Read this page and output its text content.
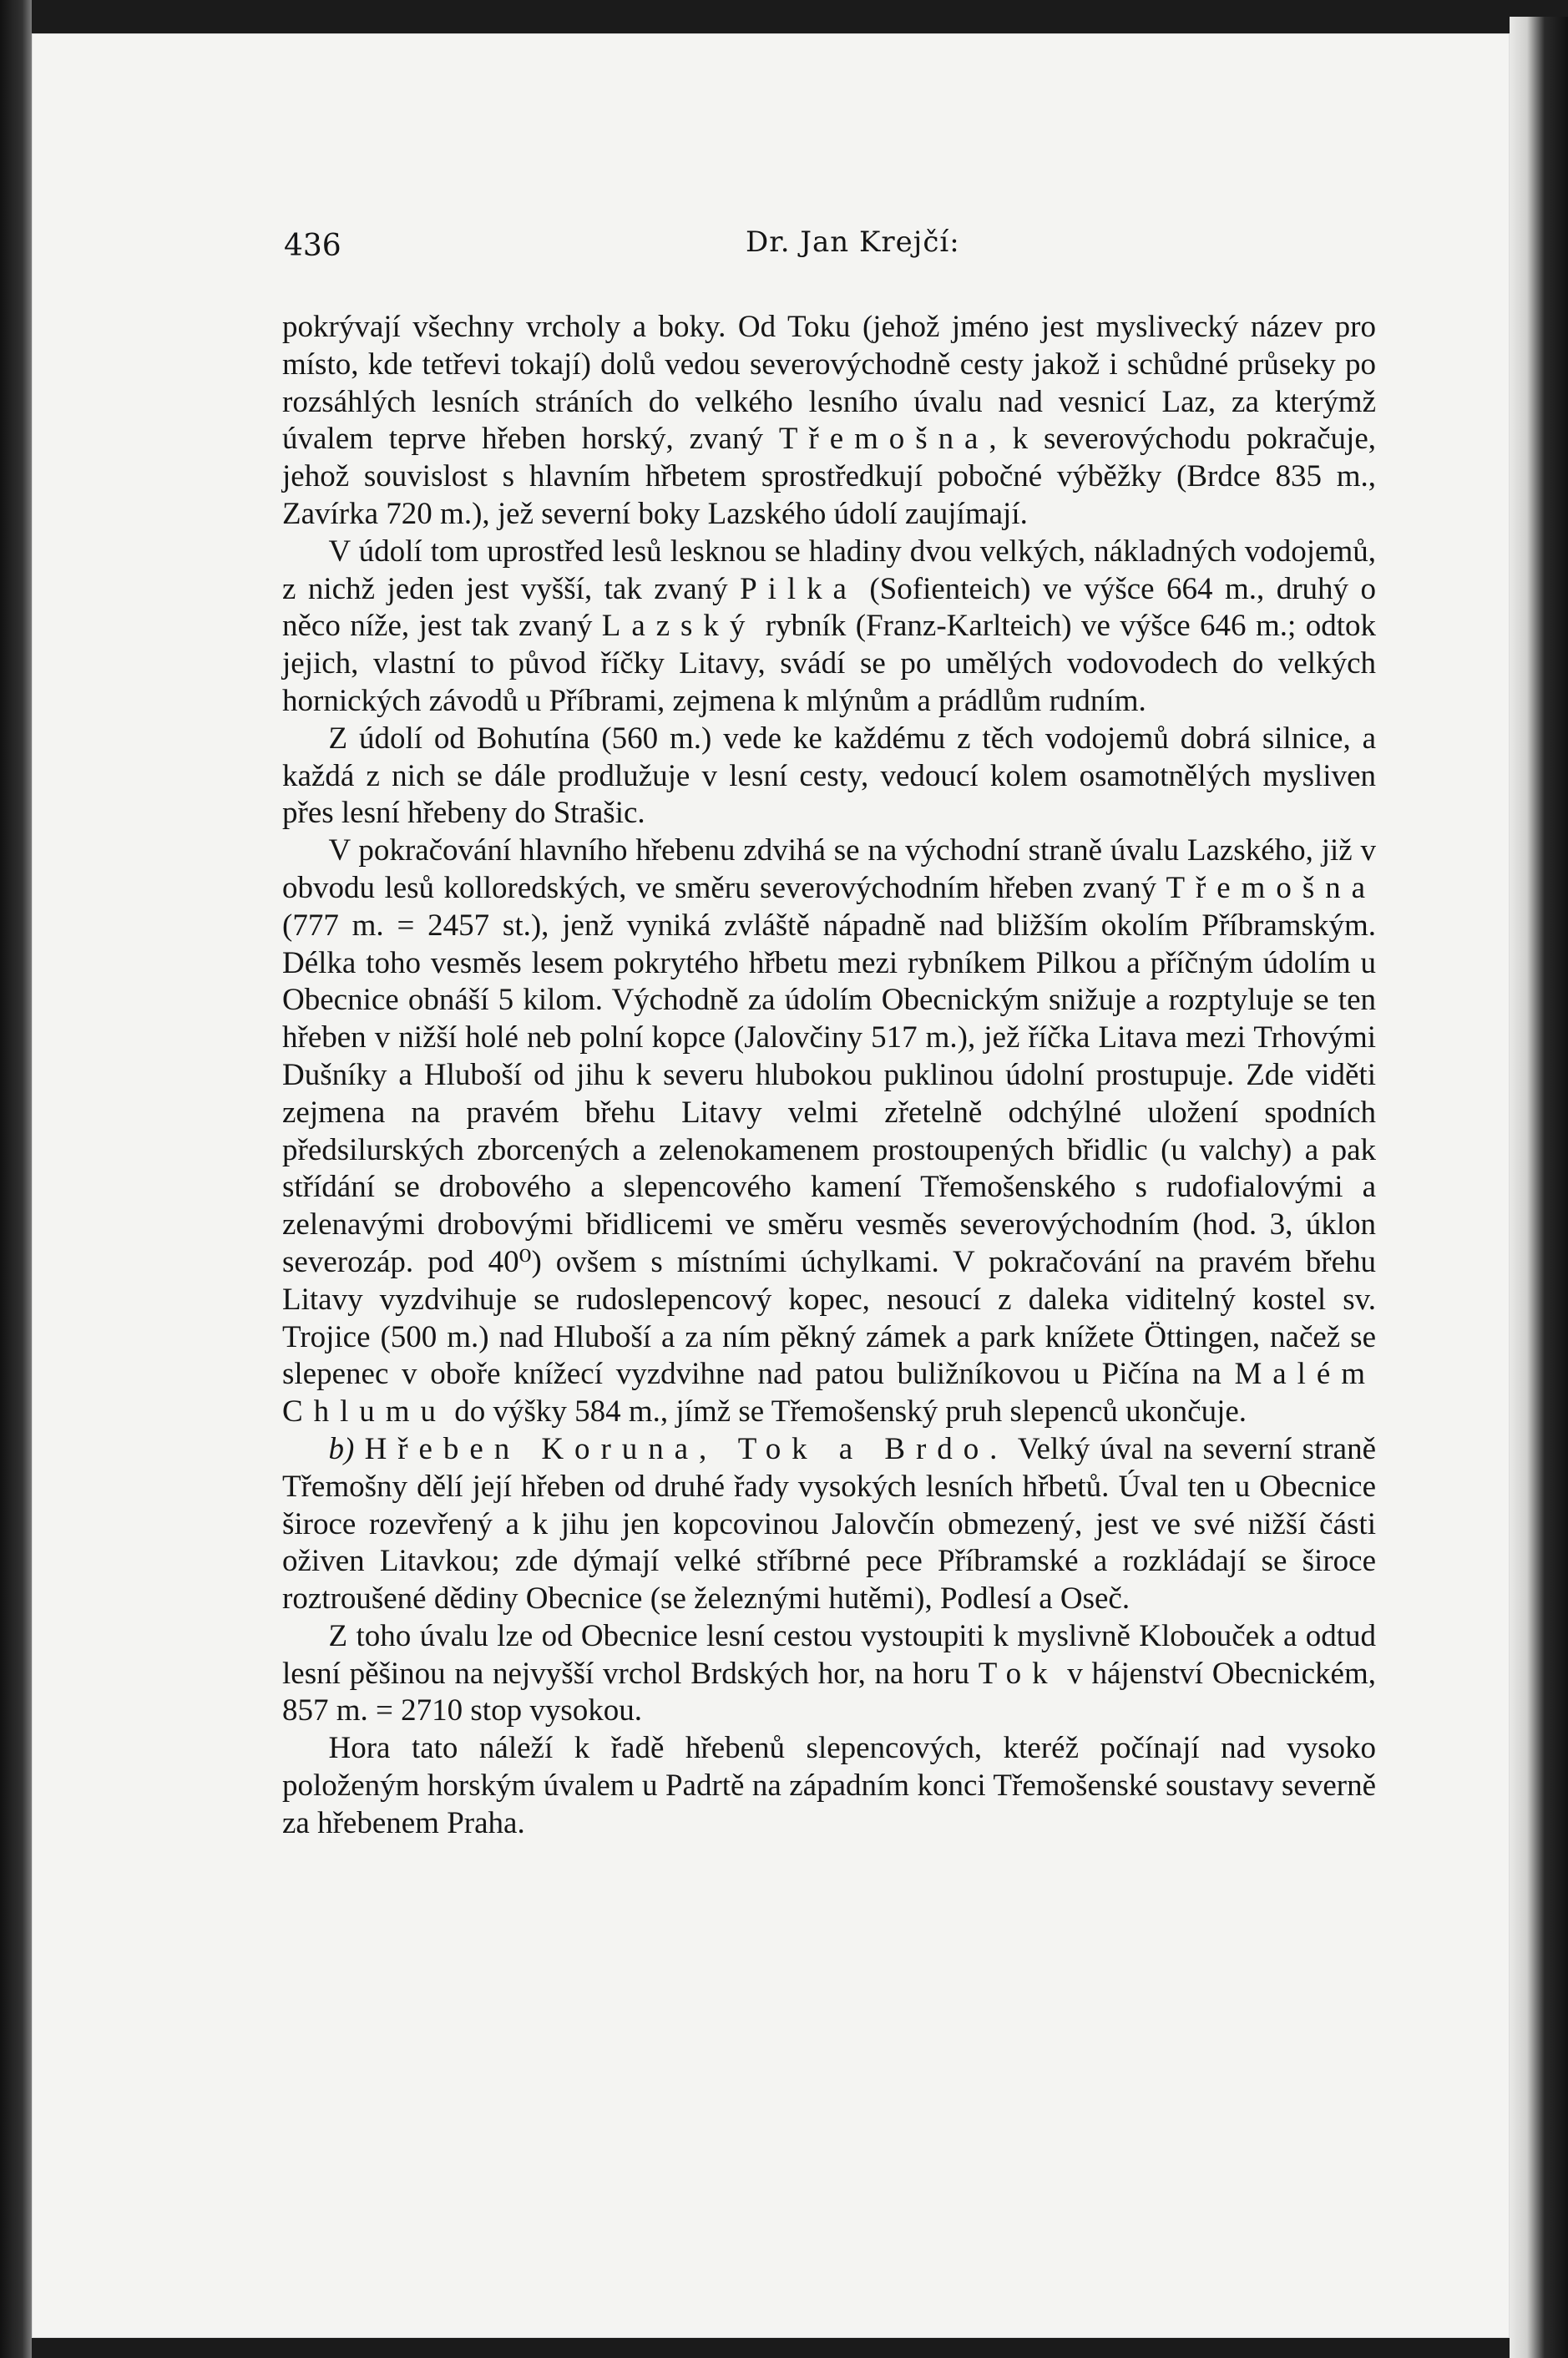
436	Dr. Jan Krejčí:

pokrývají všechny vrcholy a boky. Od Toku (jehož jméno jest myslivecký název pro místo, kde tetřevi tokají) dolů vedou severovýchodně cesty jakož i schůdné průseky po rozsáhlých lesních stráních do velkého lesního úvalu nad vesnicí Laz, za kterýmž úvalem teprve hřeben horský, zvaný Třemošna, k severovýchodu pokračuje, jehož souvislost s hlavním hřbetem sprostředkují pobočné výběžky (Brdce 835 m., Zavírka 720 m.), jež severní boky Lazského údolí zaujímají.

V údolí tom uprostřed lesů lesknou se hladiny dvou velkých, nákladných vodojemů, z nichž jeden jest vyšší, tak zvaný Pilka (Sofienteich) ve výšce 664 m., druhý o něco níže, jest tak zvaný Lazský rybník (Franz-Karlteich) ve výšce 646 m.; odtok jejich, vlastní to původ říčky Litavy, svádí se po umělých vodovodech do velkých hornických závodů u Příbrami, zejmena k mlýnům a prádlům rudním.

Z údolí od Bohutína (560 m.) vede ke každému z těch vodojemů dobrá silnice, a každá z nich se dále prodlužuje v lesní cesty, vedoucí kolem osamotnělých mysliven přes lesní hřebeny do Strašic.

V pokračování hlavního hřebenu zdvihá se na východní straně úvalu Lazského, již v obvodu lesů kolloredských, ve směru severovýchodním hřeben zvaný Třemošna (777 m. = 2457 st.), jenž vyniká zvláště nápadně nad bližším okolím Příbramským. Délka toho vesměs lesem pokrytého hřbetu mezi rybníkem Pilkou a příčným údolím u Obecnice obnáší 5 kilom. Východně za údolím Obecnickým snižuje a rozptyluje se ten hřeben v nižší holé neb polní kopce (Jalovčiny 517 m.), jež říčka Litava mezi Trhovými Dušníky a Hluboší od jihu k severu hlubokou puklinou údolní prostupuje. Zde viděti zejmena na pravém břehu Litavy velmi zřetelně odchýlné uložení spodních předsilurských zborcených a zelenokamenem prostoupených břidlic (u valchy) a pak střídání se drobového a slepencového kamení Třemošenského s rudofialovými a zelenavými drobovými břidlicemi ve směru vesměs severovýchodním (hod. 3, úklon severozáp. pod 40⁰) ovšem s místními úchylkami. V pokračování na pravém břehu Litavy vyzdvihuje se rudoslepencový kopec, nesoucí z daleka viditelný kostel sv. Trojice (500 m.) nad Hluboší a za ním pěkný zámek a park knížete Öttingen, načež se slepenec v oboře knížecí vyzdvihne nad patou buližníkovou u Pičína na Malém Chlumu do výšky 584 m., jímž se Třemošenský pruh slepenců ukončuje.

b) Hřeben Koruna, Tok a Brdo. Velký úval na severní straně Třemošny dělí její hřeben od druhé řady vysokých lesních hřbetů. Úval ten u Obecnice široce rozevřený a k jihu jen kopcovinou Jalovčín obmezený, jest ve své nižší části oživen Litavkou; zde dýmají velké stříbrné pece Příbramské a rozkládají se široce roztroušené dědiny Obecnice (se železnými hutěmi), Podlesí a Oseč.

Z toho úvalu lze od Obecnice lesní cestou vystoupiti k myslivně Klobouček a odtud lesní pěšinou na nejvyšší vrchol Brdských hor, na horu Tok v hájenství Obecnickém, 857 m. = 2710 stop vysokou.

Hora tato náleží k řadě hřebenů slepencových, kteréž počínají nad vysoko položeným horským úvalem u Padrtě na západním konci Třemošenské soustavy severně za hřebenem Praha.
